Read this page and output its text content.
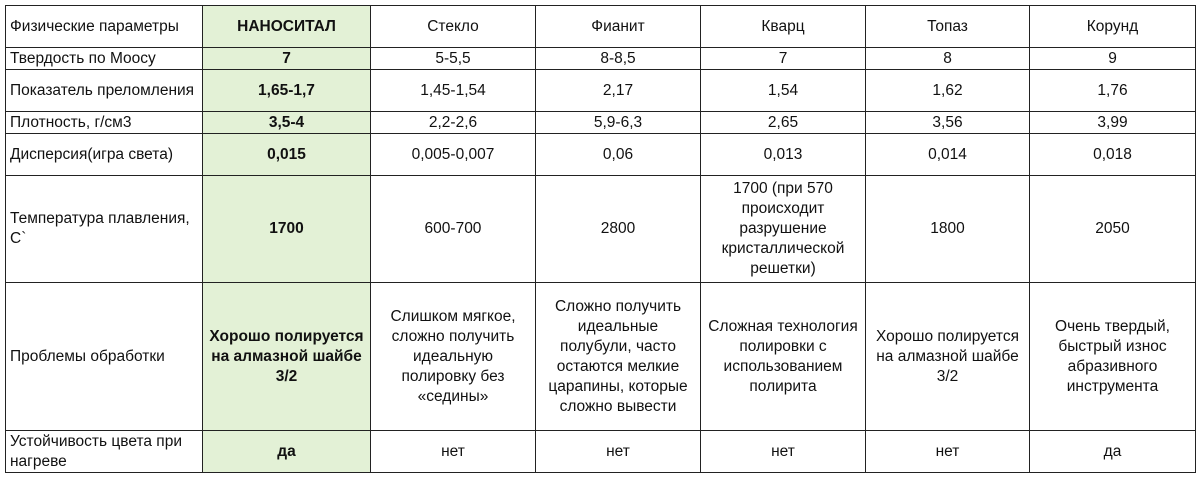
Физические параметры	НАНОСИТАЛ	Стекло	Фианит	Кварц	Топаз	Корунд
Твердость по Моосу	7	5-5,5	8-8,5	7	8	9
Показатель преломления	1,65-1,7	1,45-1,54	2,17	1,54	1,62	1,76
Плотность, г/см3	3,5-4	2,2-2,6	5,9-6,3	2,65	3,56	3,99
Дисперсия(игра света)	0,015	0,005-0,007	0,06	0,013	0,014	0,018
Температура плавления, С`	1700	600-700	2800	1700 (при 570 происходит разрушение кристаллической решетки)	1800	2050
Проблемы обработки	Хорошо полируется на алмазной шайбе 3/2	Слишком мягкое, сложно получить идеальную полировку без «седины»	Сложно получить идеальные полубули, часто остаются мелкие царапины, которые сложно вывести	Сложная технология полировки с использованием полирита	Хорошо полируется на алмазной шайбе 3/2	Очень твердый, быстрый износ абразивного инструмента
Устойчивость цвета при нагреве	да	нет	нет	нет	нет	да
